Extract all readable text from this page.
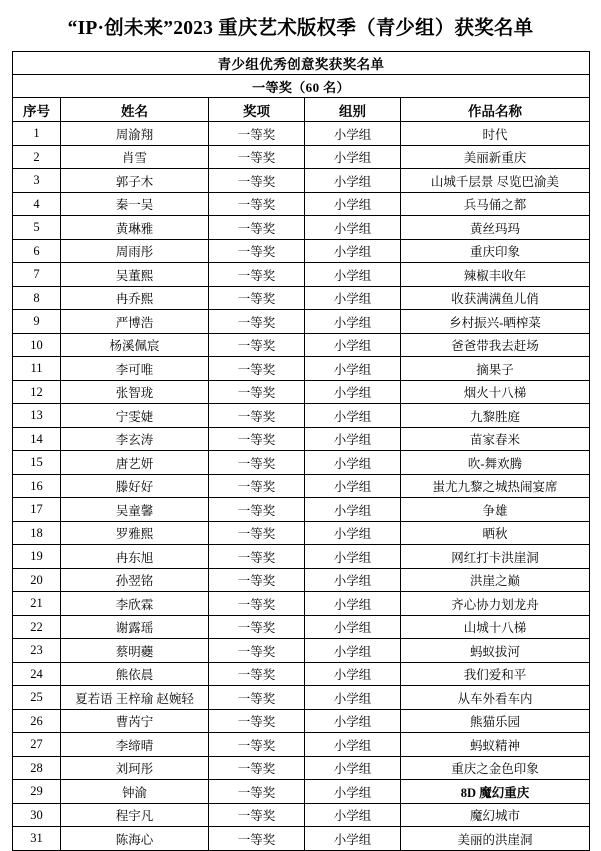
“IP·创未来”2023 重庆艺术版权季（青少组）获奖名单
青少组优秀创意奖获奖名单				
一等奖（60 名）				
序号	姓名	奖项	组别	作品名称
1	周渝翔	一等奖	小学组	时代
2	肖雪	一等奖	小学组	美丽新重庆
3	郭子木	一等奖	小学组	山城千层景 尽览巴渝美
4	秦一吴	一等奖	小学组	兵马俑之都
5	黄琳雅	一等奖	小学组	黄丝玛玛
6	周雨彤	一等奖	小学组	重庆印象
7	吴董熙	一等奖	小学组	辣椒丰收年
8	冉乔熙	一等奖	小学组	收获满满鱼儿俏
9	严博浩	一等奖	小学组	乡村振兴-晒榨菜
10	杨溪佩宸	一等奖	小学组	爸爸带我去赶场
11	李可唯	一等奖	小学组	摘果子
12	张智珑	一等奖	小学组	烟火十八梯
13	宁雯婕	一等奖	小学组	九黎胜庭
14	李玄涛	一等奖	小学组	苗家春米
15	唐艺妍	一等奖	小学组	吹-舞欢腾
16	滕好好	一等奖	小学组	蚩尤九黎之城热闹宴席
17	吴童馨	一等奖	小学组	争雄
18	罗雅熙	一等奖	小学组	晒秋
19	冉东旭	一等奖	小学组	网红打卡洪崖洞
20	孙翌铭	一等奖	小学组	洪崖之巅
21	李欣霖	一等奖	小学组	齐心协力划龙舟
22	谢露瑶	一等奖	小学组	山城十八梯
23	蔡明蘷	一等奖	小学组	蚂蚁拔河
24	熊依晨	一等奖	小学组	我们爱和平
25	夏若语 王梓瑜 赵婉轻	一等奖	小学组	从车外看车内
26	曹芮宁	一等奖	小学组	熊猫乐园
27	李缔晴	一等奖	小学组	蚂蚁精神
28	刘珂彤	一等奖	小学组	重庆之金色印象
29	钟渝	一等奖	小学组	8D 魔幻重庆
30	程宇凡	一等奖	小学组	魔幻城市
31	陈海心	一等奖	小学组	美丽的洪崖洞
